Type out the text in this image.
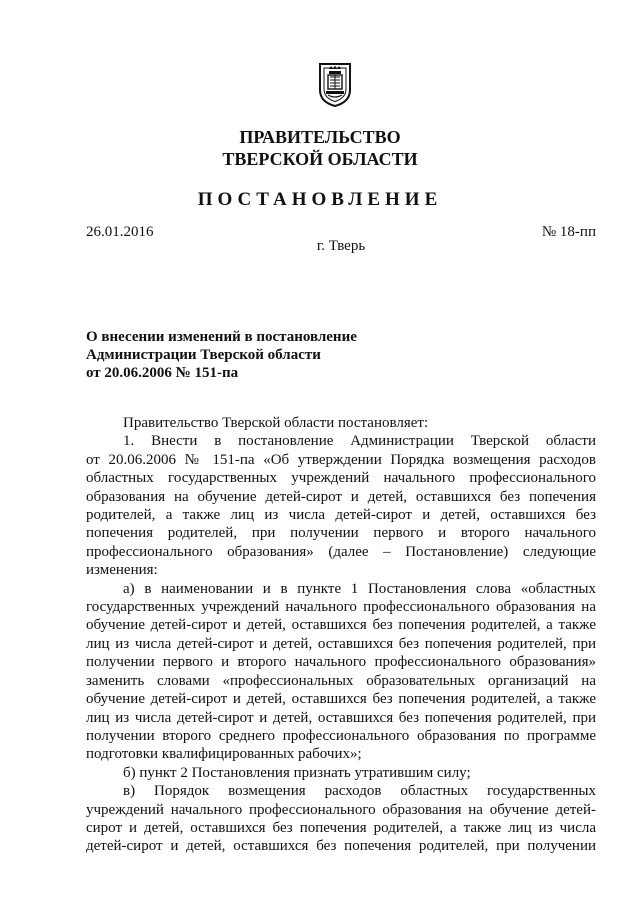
ПРАВИТЕЛЬСТВО
ТВЕРСКОЙ ОБЛАСТИ
ПОСТАНОВЛЕНИЕ
26.01.2016	№ 18-пп
г. Тверь
О внесении изменений в постановление
Администрации Тверской области
от 20.06.2006 № 151-па

Правительство Тверской области постановляет:

1. Внести в постановление Администрации Тверской области

от 20.06.2006 № 151-па «Об утверждении Порядка возмещения расходов

областных государственных учреждений начального профессионального

образования на обучение детей-сирот и детей, оставшихся без попечения

родителей, а также лиц из числа детей-сирот и детей, оставшихся без

попечения родителей, при получении первого и второго начального

профессионального образования» (далее – Постановление) следующие

изменения:

а) в наименовании и в пункте 1 Постановления слова «областных

государственных учреждений начального профессионального образования на

обучение детей-сирот и детей, оставшихся без попечения родителей, а также

лиц из числа детей-сирот и детей, оставшихся без попечения родителей, при

получении первого и второго начального профессионального образования»

заменить словами «профессиональных образовательных организаций на

обучение детей-сирот и детей, оставшихся без попечения родителей, а также

лиц из числа детей-сирот и детей, оставшихся без попечения родителей, при

получении второго среднего профессионального образования по программе

подготовки квалифицированных рабочих»;

б) пункт 2 Постановления признать утратившим силу;

в) Порядок возмещения расходов областных государственных

учреждений начального профессионального образования на обучение детей-

сирот и детей, оставшихся без попечения родителей, а также лиц из числа

детей-сирот и детей, оставшихся без попечения родителей, при получении
